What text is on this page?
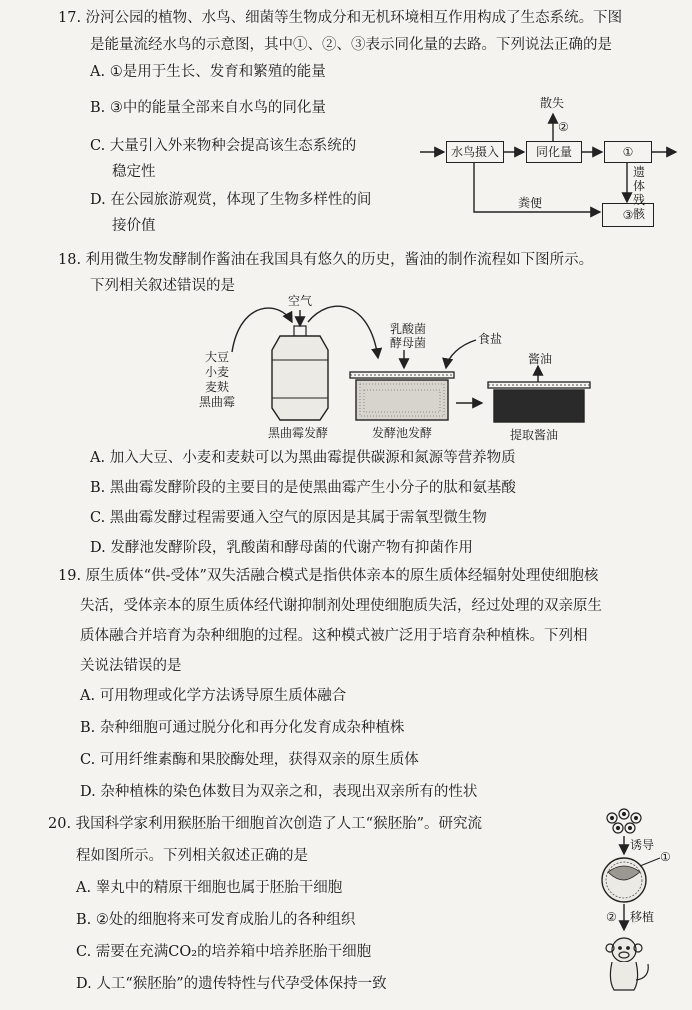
17. 汾河公园的植物、水鸟、细菌等生物成分和无机环境相互作用构成了生态系统。下图
是能量流经水鸟的示意图，其中①、②、③表示同化量的去路。下列说法正确的是
A. ①是用于生长、发育和繁殖的能量
B. ③中的能量全部来自水鸟的同化量
C. 大量引入外来物种会提高该生态系统的
稳定性
D. 在公园旅游观赏，体现了生物多样性的间
接价值
水鸟摄入	同化量	①
③
散失
②
遗体残骸
粪便
18. 利用微生物发酵制作酱油在我国具有悠久的历史，酱油的制作流程如下图所示。
下列相关叙述错误的是
大豆
小麦
麦麸
黑曲霉
空气
乳酸菌
酵母菌	食盐
酱油
黑曲霉发酵	发酵池发酵	提取酱油
A. 加入大豆、小麦和麦麸可以为黑曲霉提供碳源和氮源等营养物质
B. 黑曲霉发酵阶段的主要目的是使黑曲霉产生小分子的肽和氨基酸
C. 黑曲霉发酵过程需要通入空气的原因是其属于需氧型微生物
D. 发酵池发酵阶段，乳酸菌和酵母菌的代谢产物有抑菌作用
19. 原生质体“供-受体”双失活融合模式是指供体亲本的原生质体经辐射处理使细胞核
失活，受体亲本的原生质体经代谢抑制剂处理使细胞质失活，经过处理的双亲原生
质体融合并培育为杂种细胞的过程。这种模式被广泛用于培育杂种植株。下列相
关说法错误的是
A. 可用物理或化学方法诱导原生质体融合
B. 杂种细胞可通过脱分化和再分化发育成杂种植株
C. 可用纤维素酶和果胶酶处理，获得双亲的原生质体
D. 杂种植株的染色体数目为双亲之和，表现出双亲所有的性状
20. 我国科学家利用猴胚胎干细胞首次创造了人工“猴胚胎”。研究流
程如图所示。下列相关叙述正确的是
A. 睾丸中的精原干细胞也属于胚胎干细胞
B. ②处的细胞将来可发育成胎儿的各种组织
C. 需要在充满CO₂的培养箱中培养胚胎干细胞
D. 人工“猴胚胎”的遗传特性与代孕受体保持一致
诱导
①
② 移植
